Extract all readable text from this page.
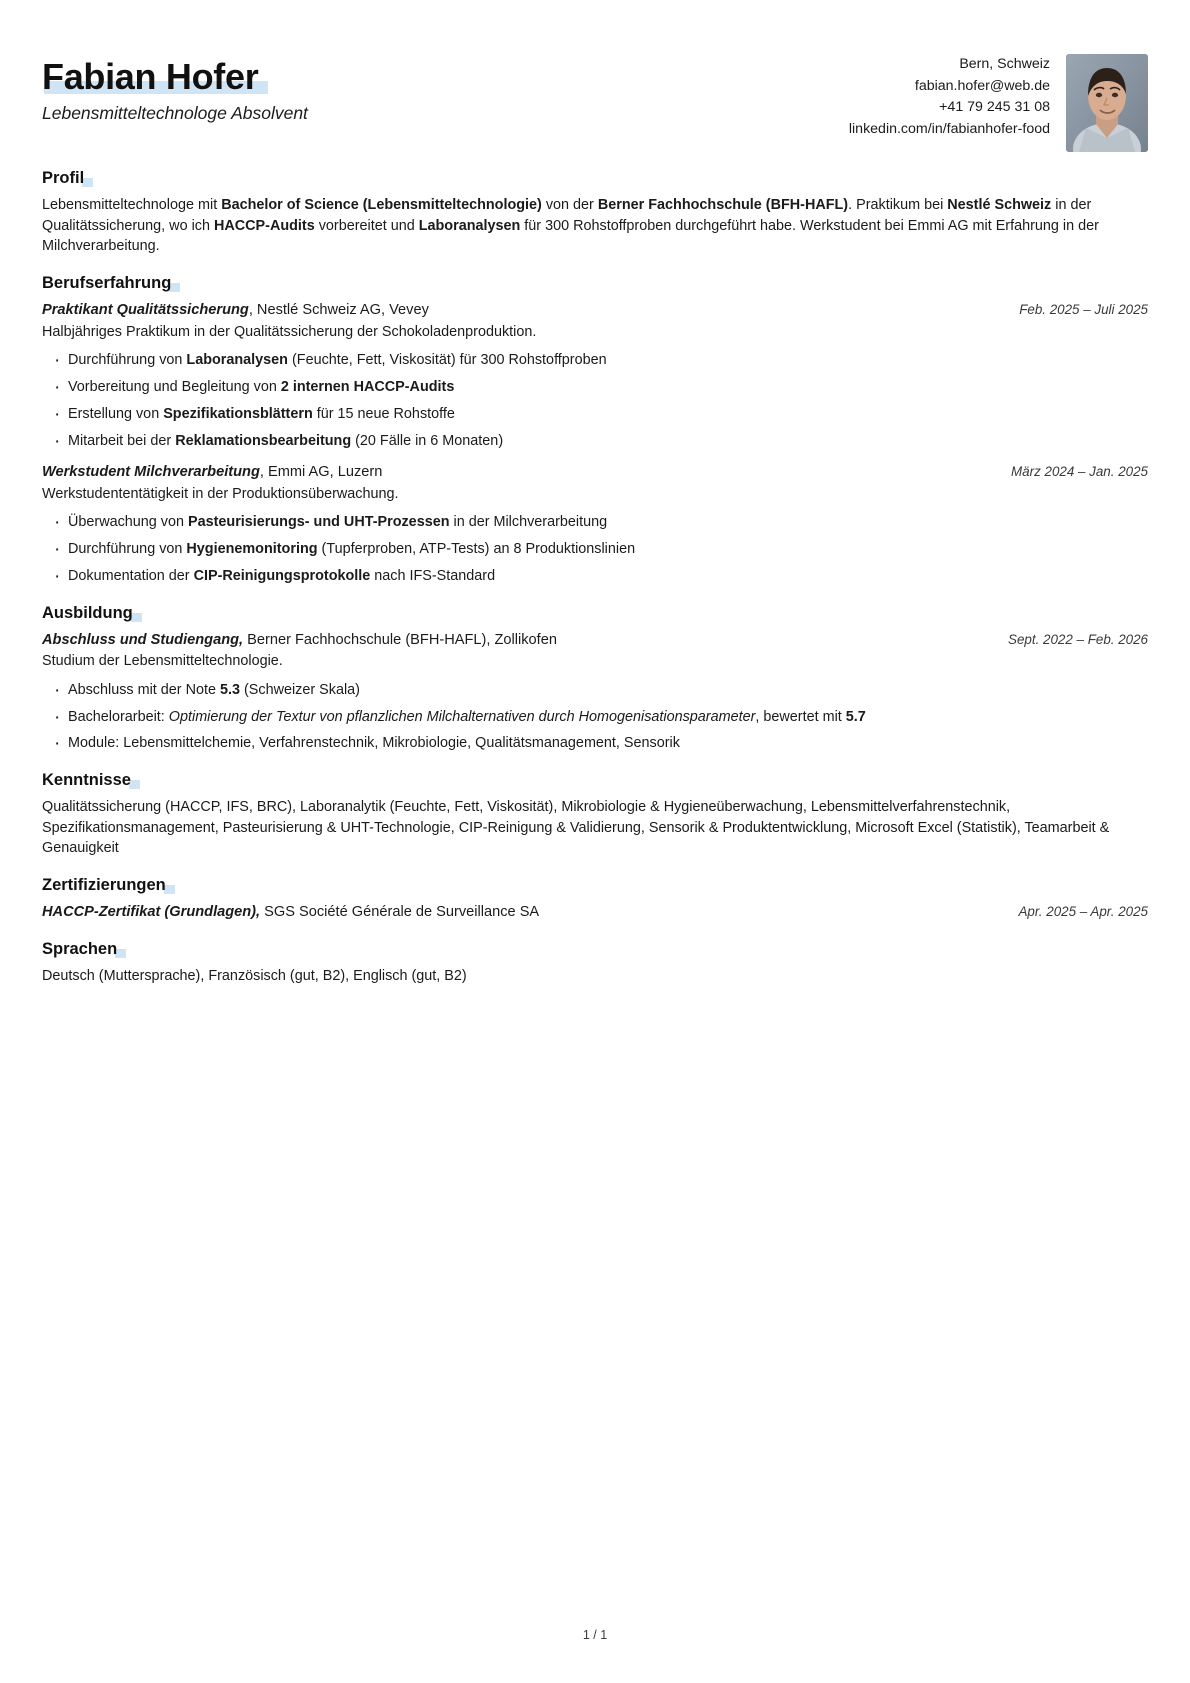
Fabian Hofer
Lebensmitteltechnologe Absolvent
Bern, Schweiz
fabian.hofer@web.de
+41 79 245 31 08
linkedin.com/in/fabianhofer-food
Profil

Lebensmitteltechnologe mit Bachelor of Science (Lebensmitteltechnologie) von der Berner Fachhochschule (BFH-HAFL). Praktikum bei Nestlé Schweiz in der Qualitätssicherung, wo ich HACCP-Audits vorbereitet und Laboranalysen für 300 Rohstoffproben durchgeführt habe. Werkstudent bei Emmi AG mit Erfahrung in der Milchverarbeitung.

Berufserfahrung
Praktikant Qualitätssicherung, Nestlé Schweiz AG, Vevey	Feb. 2025 – Juli 2025
Halbjähriges Praktikum in der Qualitätssicherung der Schokoladenproduktion.
· Durchführung von Laboranalysen (Feuchte, Fett, Viskosität) für 300 Rohstoffproben
· Vorbereitung und Begleitung von 2 internen HACCP-Audits
· Erstellung von Spezifikationsblättern für 15 neue Rohstoffe
· Mitarbeit bei der Reklamationsbearbeitung (20 Fälle in 6 Monaten)
Werkstudent Milchverarbeitung, Emmi AG, Luzern	März 2024 – Jan. 2025
Werkstudententätigkeit in der Produktionsüberwachung.
· Überwachung von Pasteurisierungs- und UHT-Prozessen in der Milchverarbeitung
· Durchführung von Hygienemonitoring (Tupferproben, ATP-Tests) an 8 Produktionslinien
· Dokumentation der CIP-Reinigungsprotokolle nach IFS-Standard
Ausbildung
Abschluss und Studiengang, Berner Fachhochschule (BFH-HAFL), Zollikofen	Sept. 2022 – Feb. 2026
Studium der Lebensmitteltechnologie.
· Abschluss mit der Note 5.3 (Schweizer Skala)
· Bachelorarbeit: Optimierung der Textur von pflanzlichen Milchalternativen durch Homogenisationsparameter, bewertet mit 5.7
· Module: Lebensmittelchemie, Verfahrenstechnik, Mikrobiologie, Qualitätsmanagement, Sensorik
Kenntnisse

Qualitätssicherung (HACCP, IFS, BRC), Laboranalytik (Feuchte, Fett, Viskosität), Mikrobiologie & Hygieneüberwachung, Lebensmittelverfahrenstechnik, Spezifikationsmanagement, Pasteurisierung & UHT-Technologie, CIP-Reinigung & Validierung, Sensorik & Produktentwicklung, Microsoft Excel (Statistik), Teamarbeit & Genauigkeit

Zertifizierungen
HACCP-Zertifikat (Grundlagen), SGS Société Générale de Surveillance SA	Apr. 2025 – Apr. 2025
Sprachen

Deutsch (Muttersprache), Französisch (gut, B2), Englisch (gut, B2)

1 / 1
